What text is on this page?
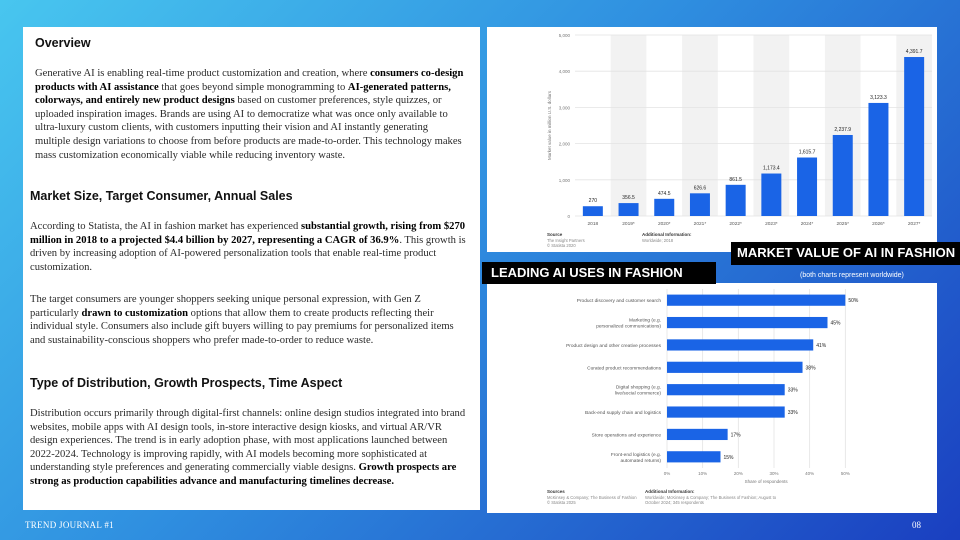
Overview

Generative AI is enabling real-time product customization and creation, where consumers co-design products with AI assistance that goes beyond simple monogramming to AI-generated patterns, colorways, and entirely new product designs based on customer preferences, style quizzes, or uploaded inspiration images. Brands are using AI to democratize what was once only available to ultra-luxury custom clients, with customers inputting their vision and AI instantly generating multiple design variations to choose from before products are made-to-order. This technology makes mass customization economically viable while reducing inventory waste.

Market Size, Target Consumer, Annual Sales

According to Statista, the AI in fashion market has experienced substantial growth, rising from $270 million in 2018 to a projected $4.4 billion by 2027, representing a CAGR of 36.9%. This growth is driven by increasing adoption of AI-powered personalization tools that enable real-time product customization.

The target consumers are younger shoppers seeking unique personal expression, with Gen Z particularly drawn to customization options that allow them to create products reflecting their individual style. Consumers also include gift buyers willing to pay premiums for personalized items and sustainability-conscious shoppers who prefer made-to-order to reduce waste.

Type of Distribution, Growth Prospects, Time Aspect

Distribution occurs primarily through digital-first channels: online design studios integrated into brand websites, mobile apps with AI design tools, in-store interactive design kiosks, and virtual AR/VR design experiences. The trend is in early adoption phase, with most applications launched between 2022-2024. Technology is improving rapidly, with AI models becoming more sophisticated at understanding style preferences and generating commercially viable designs. Growth prospects are strong as production capabilities advance and manufacturing timelines decrease.

0
1,000
2,000
3,000
4,000
5,000
Market value in million U.S. dollars
270
2018
356.5
2019*
474.5
2020*
626.6
2021*
861.5
2022*
1,173.4
2023*
1,615.7
2024*
2,237.9
2025*
3,123.3
2026*
4,391.7
2027*
Source
The Insight Partners
© Statista 2020
Additional Information:
Worldwide; 2018
0%	10%	20%	30%	40%	50%
Share of respondents
50%
Product discovery and customer search
45%
Marketing (e.g.
personalized communications)
41%
Product design and other creative processes
38%
Curated product recommendations
33%
Digital shopping (e.g.
live/social commerce)
33%
Back-end supply chain and logistics
17%
Store operations and experience
15%
Front-end logistics (e.g.
automated returns)
Sources
McKinsey & Company; The Business of Fashion
© Statista 2025
Additional Information:
Worldwide; McKinsey & Company; The Business of Fashion; August to
October 2024; 345 respondents
MARKET VALUE OF AI IN FASHION
LEADING AI USES IN FASHION	(both charts represent worldwide)
TREND JOURNAL #1	08
